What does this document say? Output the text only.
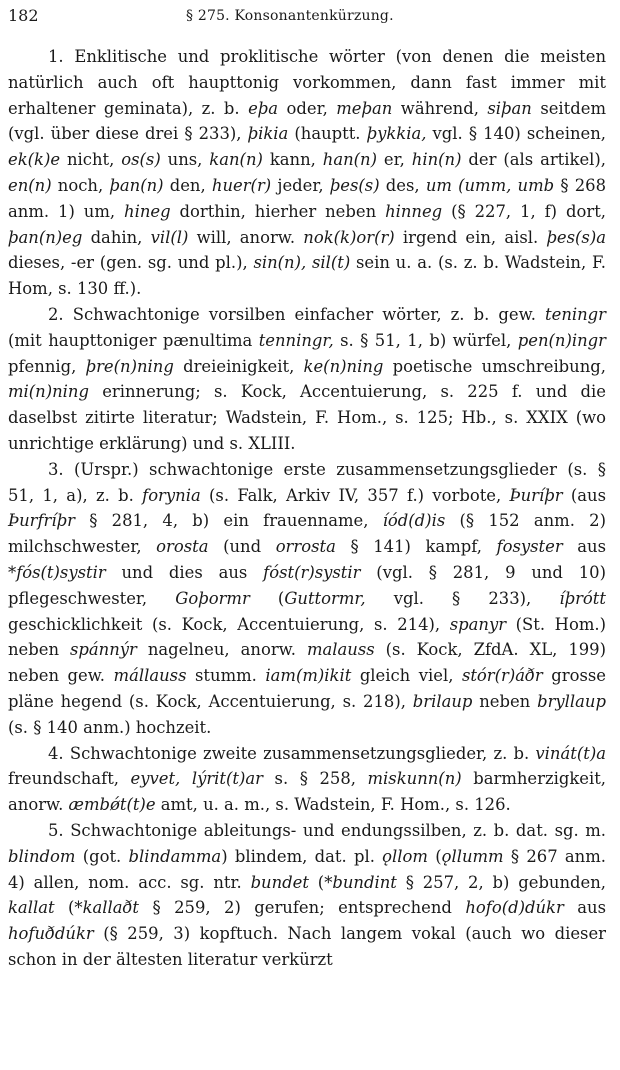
182	§ 275. Konsonantenkürzung.

1. Enklitische und proklitische wörter (von denen die meisten natürlich auch oft haupttonig vorkommen, dann fast immer mit erhaltener geminata), z. b. eþa oder, meþan während, siþan seitdem (vgl. über diese drei § 233), þikia (hauptt. þykkia, vgl. § 140) scheinen, ek(k)e nicht, os(s) uns, kan(n) kann, han(n) er, hin(n) der (als artikel), en(n) noch, þan(n) den, huer(r) jeder, þes(s) des, um (umm, umb § 268 anm. 1) um, hineg dorthin, hierher neben hinneg (§ 227, 1, f) dort, þan(n)eg dahin, vil(l) will, anorw. nok(k)or(r) irgend ein, aisl. þes(s)a dieses, -er (gen. sg. und pl.), sin(n), sil(t) sein u. a. (s. z. b. Wadstein, F. Hom, s. 130 ff.).

2. Schwachtonige vorsilben einfacher wörter, z. b. gew. teningr (mit haupttoniger pænultima tenningr, s. § 51, 1, b) würfel, pen(n)ingr pfennig, þre(n)ning dreieinigkeit, ke(n)ning poetische umschreibung, mi(n)ning erinnerung; s. Kock, Accentuierung, s. 225 f. und die daselbst zitirte literatur; Wadstein, F. Hom., s. 125; Hb., s. XXIX (wo unrichtige erklärung) und s. XLIII.

3. (Urspr.) schwachtonige erste zusammensetzungsglieder (s. § 51, 1, a), z. b. forynia (s. Falk, Arkiv IV, 357 f.) vorbote, Þuríþr (aus Þurfríþr § 281, 4, b) ein frauenname, íód(d)is (§ 152 anm. 2) milchschwester, orosta (und orrosta § 141) kampf, fosyster aus *fós(t)systir und dies aus fóst(r)systir (vgl. § 281, 9 und 10) pflegeschwester, Goþormr (Guttormr, vgl. § 233), íþrótt geschicklichkeit (s. Kock, Accentuierung, s. 214), spanyr (St. Hom.) neben spánnýr nagelneu, anorw. malauss (s. Kock, ZfdA. XL, 199) neben gew. mállauss stumm. iam(m)ikit gleich viel, stór(r)áðr grosse pläne hegend (s. Kock, Accentuierung, s. 218), brilaup neben bryllaup (s. § 140 anm.) hochzeit.

4. Schwachtonige zweite zusammensetzungsglieder, z. b. vinát(t)a freundschaft, eyvet, lýrit(t)ar s. § 258, miskunn(n) barmherzigkeit, anorw. æmbǿt(t)e amt, u. a. m., s. Wadstein, F. Hom., s. 126.

5. Schwachtonige ableitungs- und endungssilben, z. b. dat. sg. m. blindom (got. blindamma) blindem, dat. pl. ǫllom (ǫllumm § 267 anm. 4) allen, nom. acc. sg. ntr. bundet (*bundint § 257, 2, b) gebunden, kallat (*kallaðt § 259, 2) gerufen; entsprechend hofo(d)dúkr aus hofuðdúkr (§ 259, 3) kopftuch. Nach langem vokal (auch wo dieser schon in der ältesten literatur verkürzt
